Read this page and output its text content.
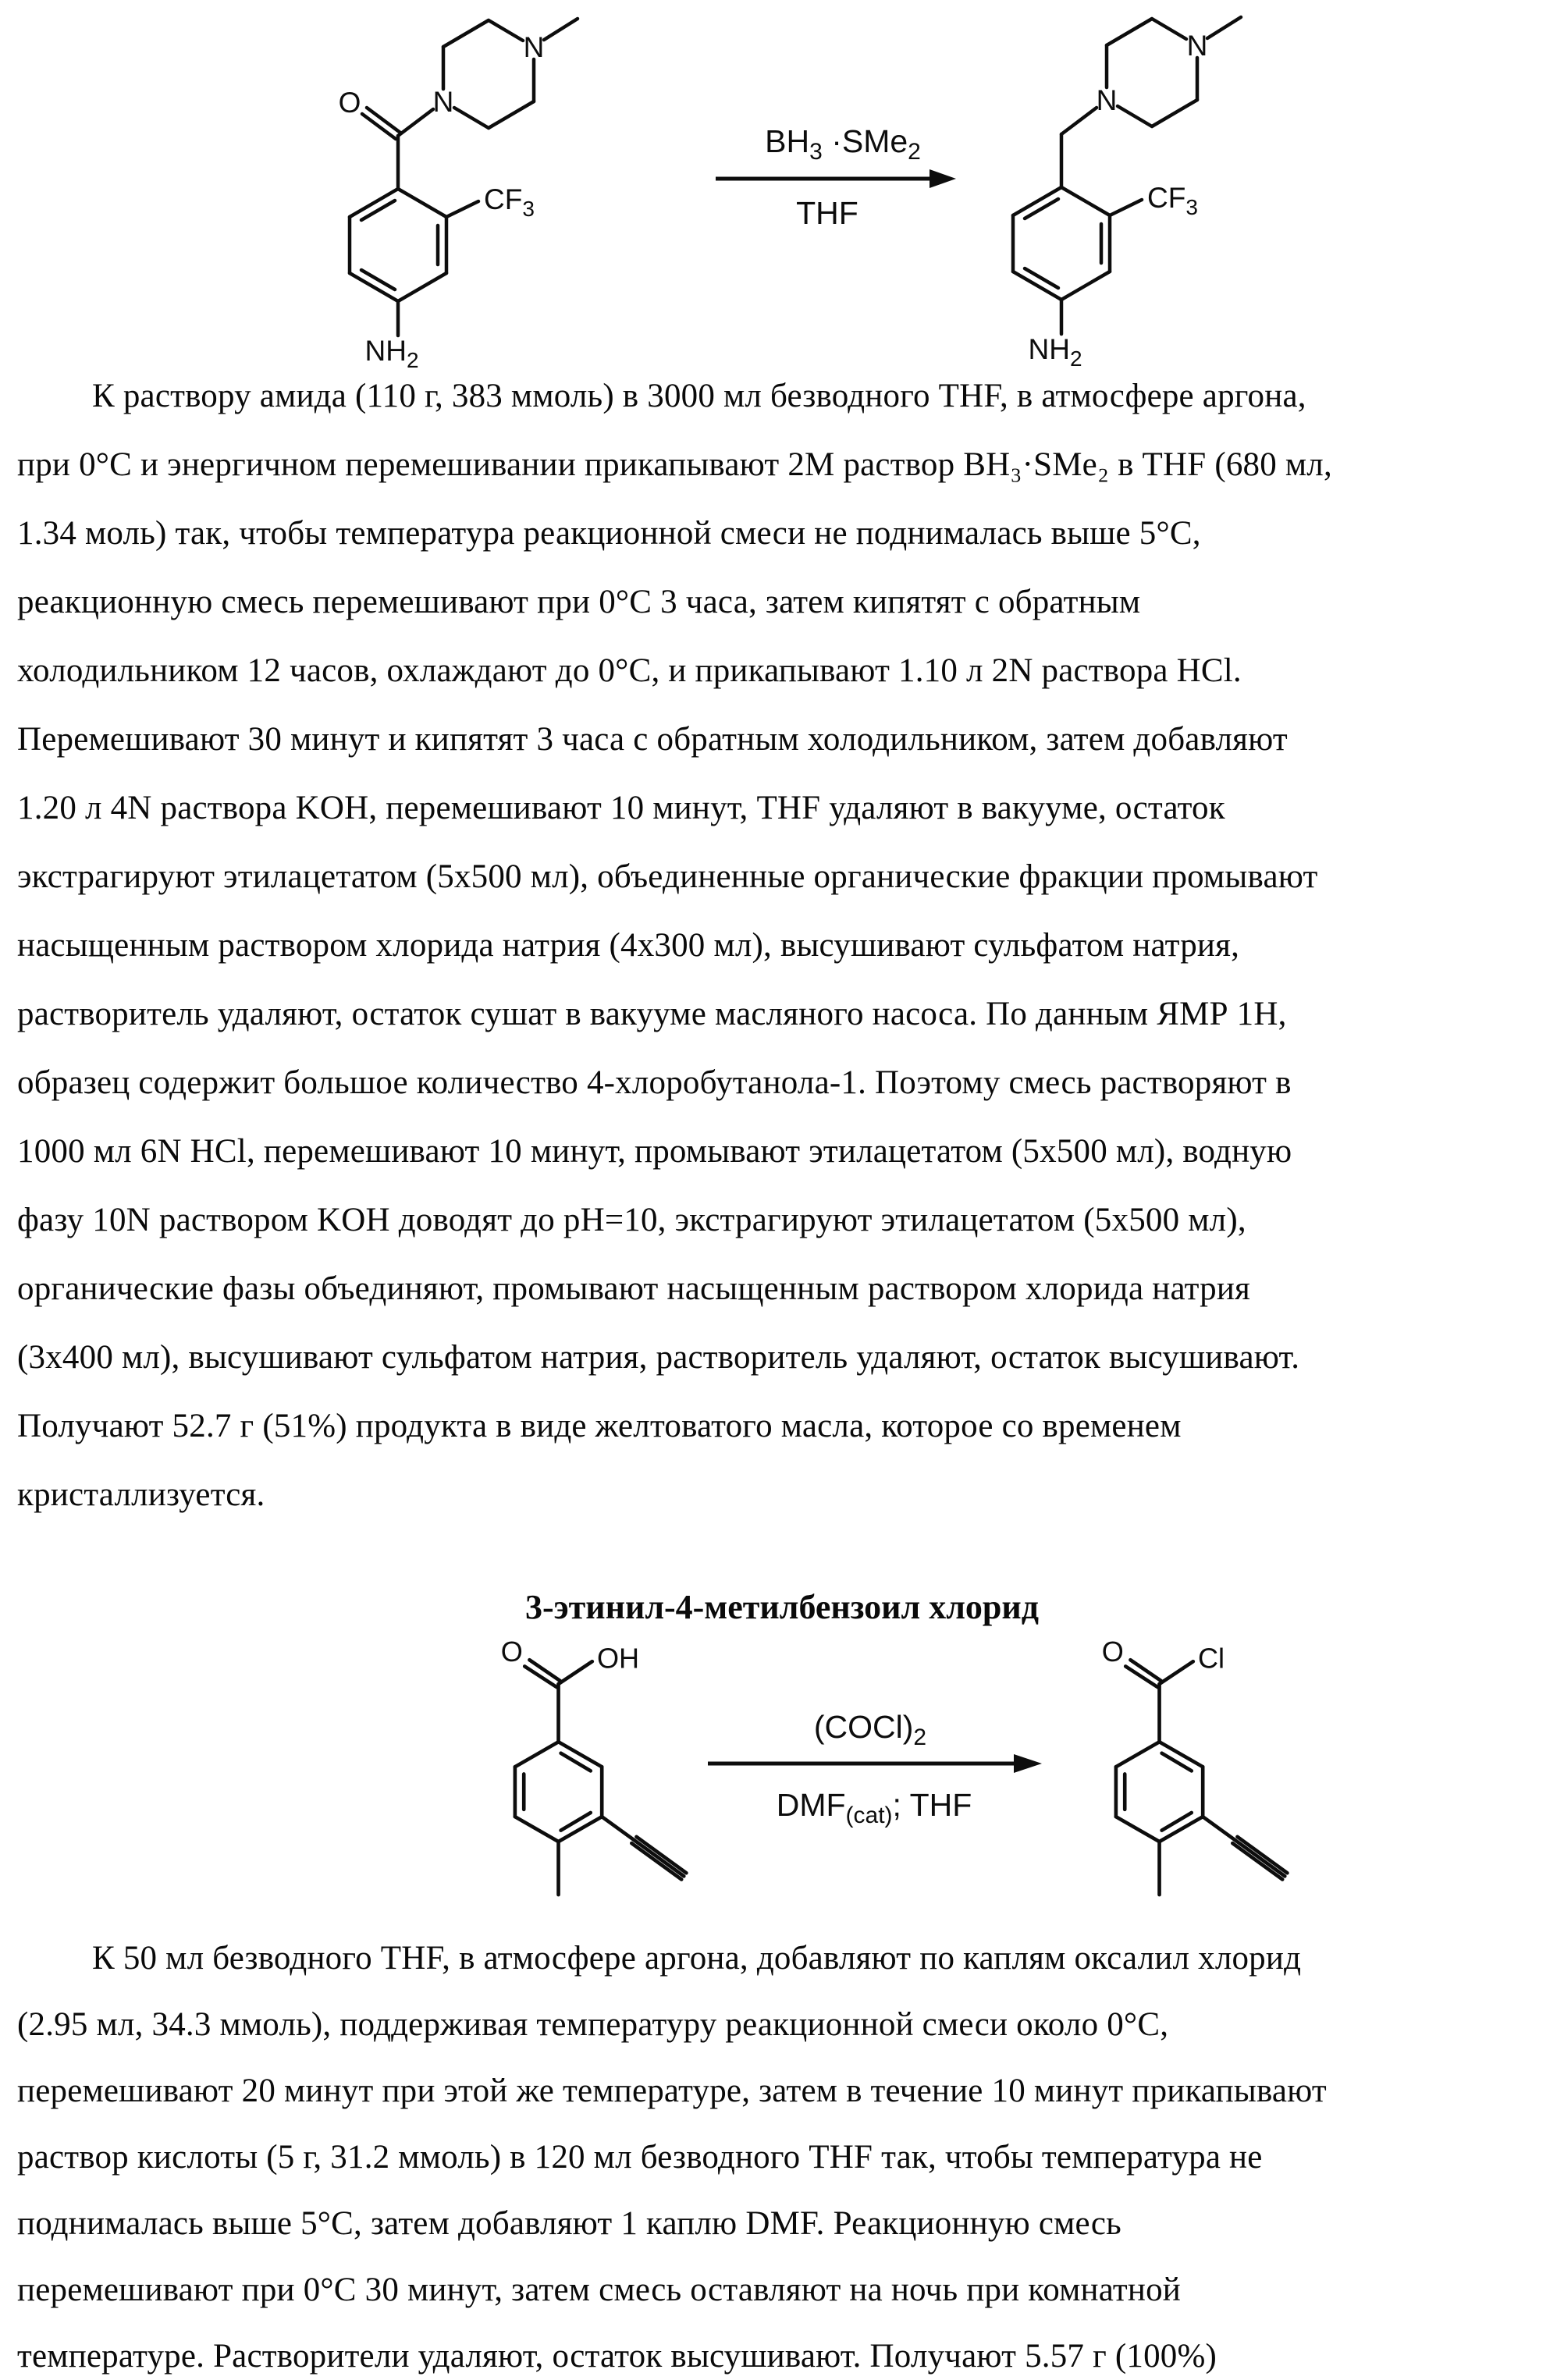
O N
N
$CF_3$
$NH_2$
$BH_3 \cdot SMe_2$
THF
N
N
$CF_3$
$NH_2$
К раствору амида (110 г, 383 ммоль) в 3000 мл безводного THF, в атмосфере аргона,
при 0°С и энергичном перемешивании прикапывают 2М раствор BH₃·SMe₂ в THF (680 мл,
1.34 моль) так, чтобы температура реакционной смеси не поднималась выше 5°С,
реакционную смесь перемешивают при 0°С 3 часа, затем кипятят с обратным
холодильником 12 часов, охлаждают до 0°С, и прикапывают 1.10 л 2N раствора HCl.
Перемешивают 30 минут и кипятят 3 часа с обратным холодильником, затем добавляют
1.20 л 4N раствора KOH, перемешивают 10 минут, THF удаляют в вакууме, остаток
экстрагируют этилацетатом (5х500 мл), объединенные органические фракции промывают
насыщенным раствором хлорида натрия (4х300 мл), высушивают сульфатом натрия,
растворитель удаляют, остаток сушат в вакууме масляного насоса. По данным ЯМР 1Н,
образец содержит большое количество 4-хлоробутанола-1. Поэтому смесь растворяют в
1000 мл 6N HCl, перемешивают 10 минут, промывают этилацетатом (5х500 мл), водную
фазу 10N раствором KOH доводят до pH=10, экстрагируют этилацетатом (5х500 мл),
органические фазы объединяют, промывают насыщенным раствором хлорида натрия
(3х400 мл), высушивают сульфатом натрия, растворитель удаляют, остаток высушивают.
Получают 52.7 г (51%) продукта в виде желтоватого масла, которое со временем
кристаллизуется.
3-этинил-4-метилбензоил хлорид
O	OH
$(COCl)_2$
$DMF_{(cat)}$; THF
O	Cl
К 50 мл безводного THF, в атмосфере аргона, добавляют по каплям оксалил хлорид
(2.95 мл, 34.3 ммоль), поддерживая температуру реакционной смеси около 0°С,
перемешивают 20 минут при этой же температуре, затем в течение 10 минут прикапывают
раствор кислоты (5 г, 31.2 ммоль) в 120 мл безводного THF так, чтобы температура не
поднималась выше 5°С, затем добавляют 1 каплю DMF. Реакционную смесь
перемешивают при 0°С 30 минут, затем смесь оставляют на ночь при комнатной
температуре. Растворители удаляют, остаток высушивают. Получают 5.57 г (100%)
